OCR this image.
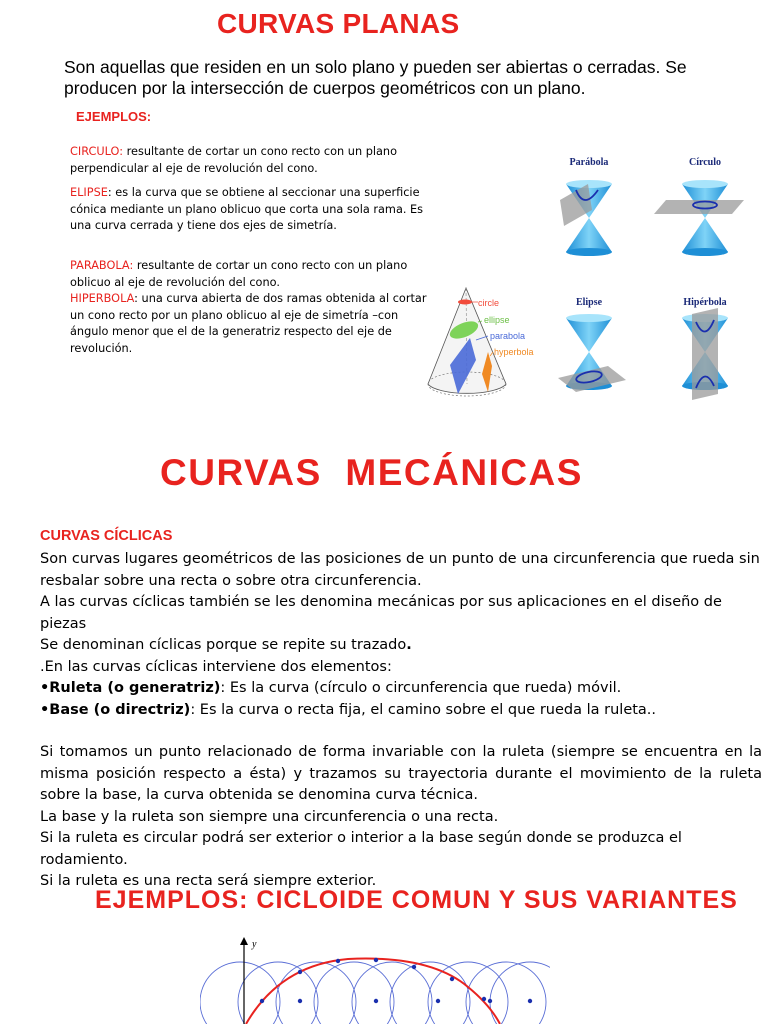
CURVAS PLANAS
Son aquellas que residen en un solo plano y pueden ser abiertas o cerradas. Se producen por la intersección de cuerpos geométricos con un plano.
EJEMPLOS:
CIRCULO: resultante de cortar un cono recto con un plano perpendicular al eje de revolución del cono.
ELIPSE: es la curva que se obtiene al seccionar una superficie cónica mediante un plano oblicuo que corta una sola rama. Es una curva cerrada y tiene dos ejes de simetría.
PARABOLA: resultante de cortar un cono recto con un plano oblicuo al eje de revolución del cono.
HIPERBOLA: una curva abierta de dos ramas obtenida al cortar un cono recto por un plano oblicuo al eje de simetría –con ángulo menor que el de la generatriz respecto del eje de revolución.
circle
ellipse
parabola
hyperbola
Parábola	Círculo
Elipse	Hipérbola
CURVAS  MECÁNICAS
CURVAS CÍCLICAS

Son curvas lugares geométricos de las posiciones de un punto de una circunferencia que rueda sin resbalar sobre una recta o sobre otra circunferencia.

A las curvas cíclicas también se les denomina mecánicas por sus aplicaciones en el diseño de piezas

Se denominan cíclicas porque se repite su trazado.

.En las curvas cíclicas interviene dos elementos:

•Ruleta (o generatriz): Es la curva (círculo o circunferencia que rueda) móvil.

•Base (o directriz): Es la curva o recta fija, el camino sobre el que rueda la ruleta..

Si tomamos un punto relacionado de forma invariable con la ruleta (siempre se encuentra en la misma posición respecto a ésta) y trazamos su trayectoria durante el movimiento de la ruleta sobre la base, la curva obtenida se denomina curva técnica.

La base y la ruleta son siempre una circunferencia o una recta.

Si la ruleta es circular podrá ser exterior o interior a la base según donde se produzca el rodamiento.

Si la ruleta es una recta será siempre exterior.

EJEMPLOS: CICLOIDE COMUN Y SUS VARIANTES
y
